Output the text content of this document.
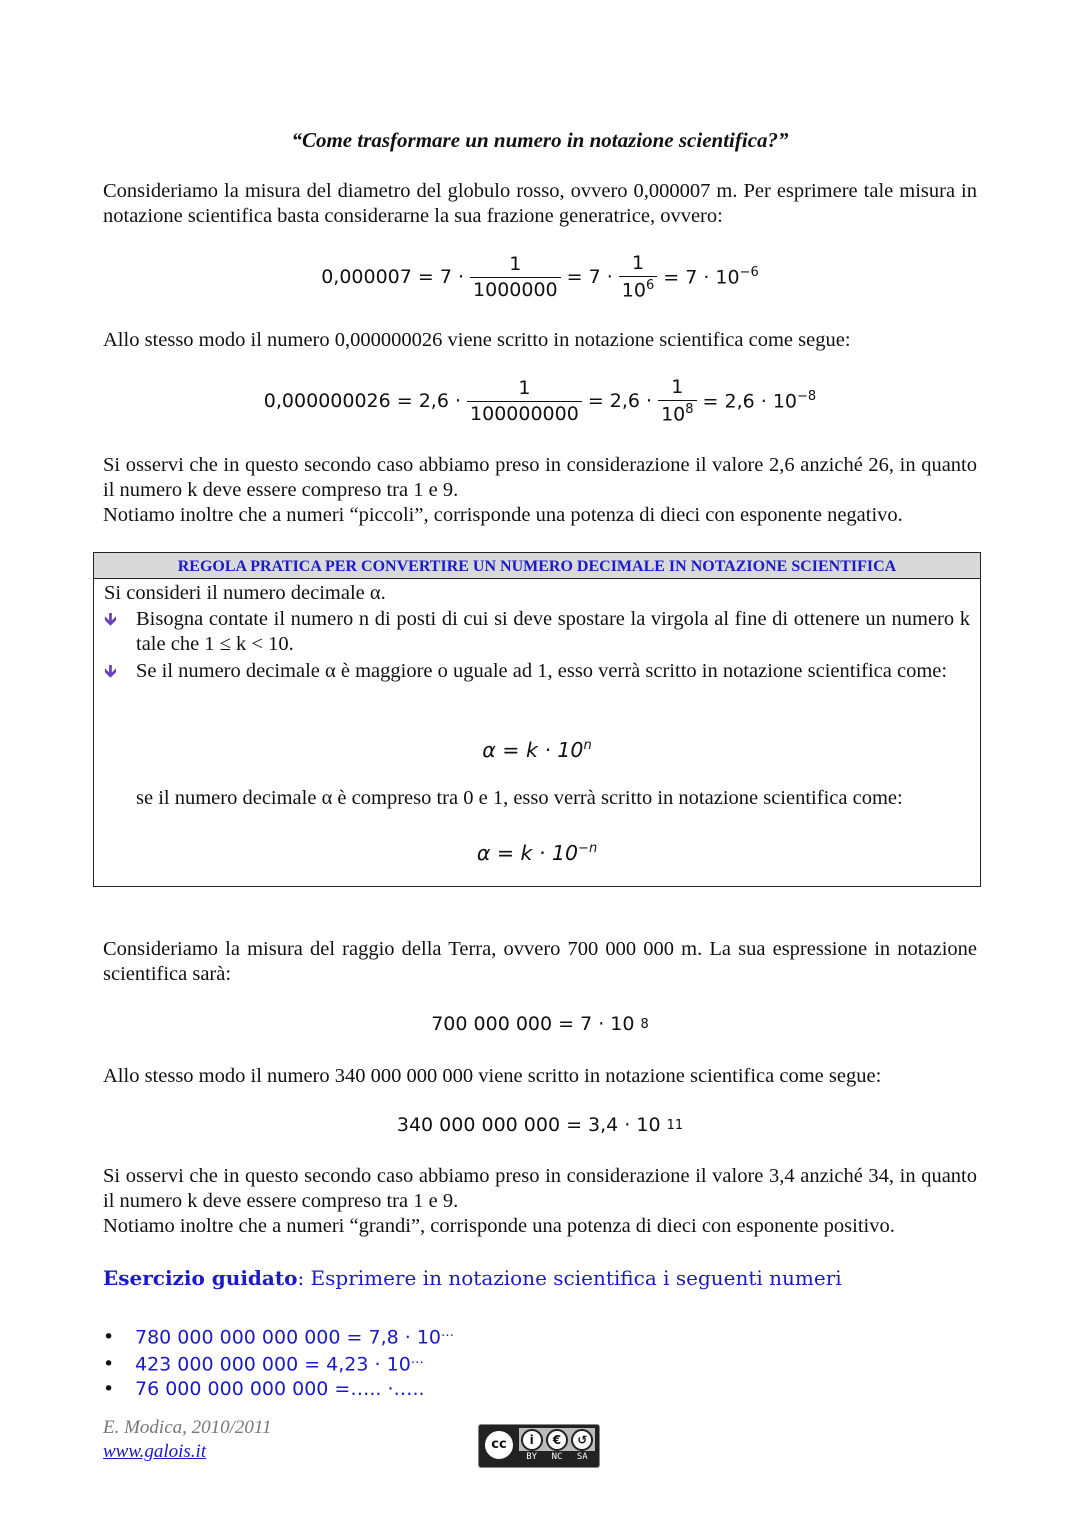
“Come trasformare un numero in notazione scientifica?”
Consideriamo la misura del diametro del globulo rosso, ovvero 0,000007 m. Per esprimere tale misura in notazione scientifica basta considerarne la sua frazione generatrice, ovvero:
$0,000007 = 7 \cdot \frac{1}{1000000} = 7 \cdot \frac{1}{10^6} = 7 \cdot 10^{-6}$
Allo stesso modo il numero 0,000000026 viene scritto in notazione scientifica come segue:
$0,000000026 = 2,6 \cdot \frac{1}{100000000} = 2,6 \cdot \frac{1}{10^8} = 2,6 \cdot 10^{-8}$
Si osservi che in questo secondo caso abbiamo preso in considerazione il valore 2,6 anziché 26, in quanto il numero k deve essere compreso tra 1 e 9.
Notiamo inoltre che a numeri “piccoli”, corrisponde una potenza di dieci con esponente negativo.
REGOLA PRATICA PER CONVERTIRE UN NUMERO DECIMALE IN NOTAZIONE SCIENTIFICA
Si consideri il numero decimale α.
🡻 Bisogna contate il numero n di posti di cui si deve spostare la virgola al fine di ottenere un numero k tale che 1 ≤ k < 10.
🡻 Se il numero decimale α è maggiore o uguale ad 1, esso verrà scritto in notazione scientifica come:
$\alpha = k \cdot 10^n$
se il numero decimale α è compreso tra 0 e 1, esso verrà scritto in notazione scientifica come:
$\alpha = k \cdot 10^{-n}$
Consideriamo la misura del raggio della Terra, ovvero 700 000 000 m. La sua espressione in notazione scientifica sarà:
700 000 000 = 7 · 10 8
Allo stesso modo il numero 340 000 000 000 viene scritto in notazione scientifica come segue:
340 000 000 000 = 3,4 · 10 11
Si osservi che in questo secondo caso abbiamo preso in considerazione il valore 3,4 anziché 34, in quanto il numero k deve essere compreso tra 1 e 9.
Notiamo inoltre che a numeri “grandi”, corrisponde una potenza di dieci con esponente positivo.
Esercizio guidato: Esprimere in notazione scientifica i seguenti numeri
• 780 000 000 000 000 = 7,8 · 10…
• 423 000 000 000 = 4,23 · 10…
• 76 000 000 000 000 =….. ·…..
E. Modica, 2010/2011
www.galois.it	cc	i	€	↺
BY NC SA
